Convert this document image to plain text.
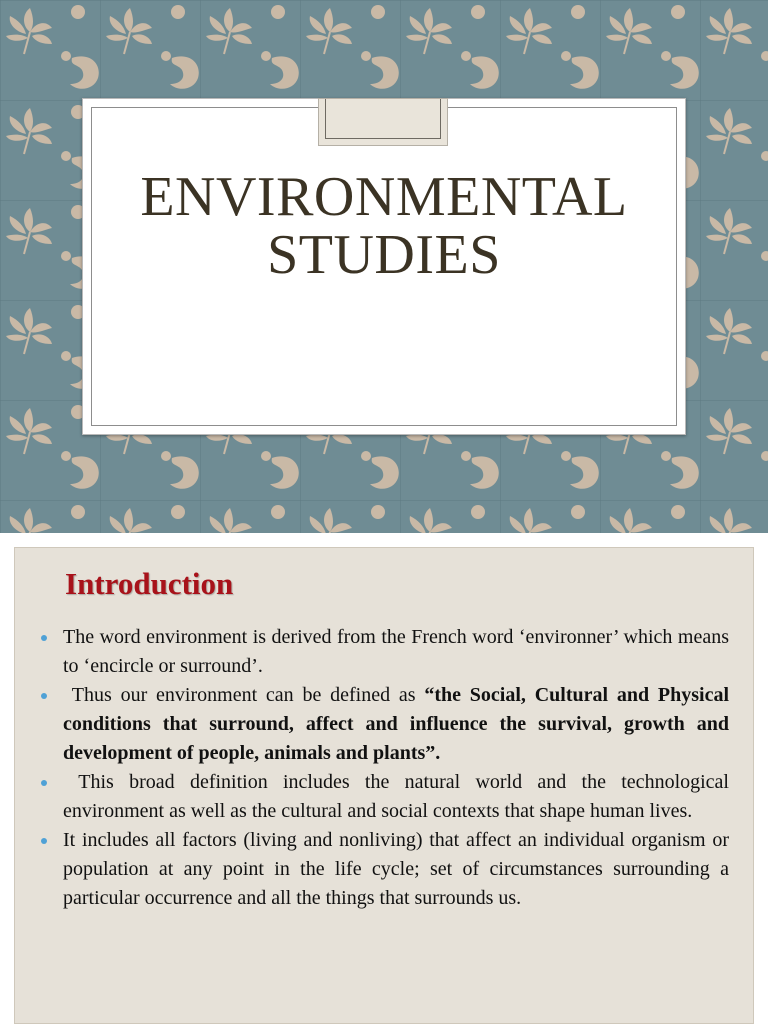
ENVIRONMENTAL
STUDIES
Introduction
The word environment is derived from the French word ‘environner’ which means to ‘encircle or surround’.
Thus our environment can be defined as “the Social, Cultural and Physical conditions that surround, affect and influence the survival, growth and development of people, animals and plants”.
This broad definition includes the natural world and the technological environment as well as the cultural and social contexts that shape human lives.
It includes all factors (living and nonliving) that affect an individual organism or population at any point in the life cycle; set of circumstances surrounding a particular occurrence and all the things that surrounds us.
